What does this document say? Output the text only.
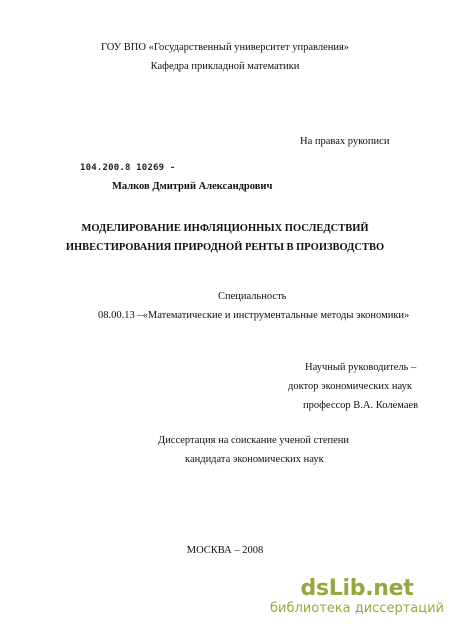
ГОУ ВПО «Государственный университет управления»
Кафедра прикладной математики
На правах рукописи
104.200.8 10269 -
Малков Дмитрий Александрович
МОДЕЛИРОВАНИЕ ИНФЛЯЦИОННЫХ ПОСЛЕДСТВИЙ
ИНВЕСТИРОВАНИЯ ПРИРОДНОЙ РЕНТЫ В ПРОИЗВОДСТВО
Специальность
08.00.13 –«Математические и инструментальные методы экономики»
Научный руководитель –
доктор экономических наук
профессор В.А. Колемаев
Диссертация на соискание ученой степени
кандидата экономических наук
МОСКВА – 2008
dsLib.net
библиотека диссертаций
